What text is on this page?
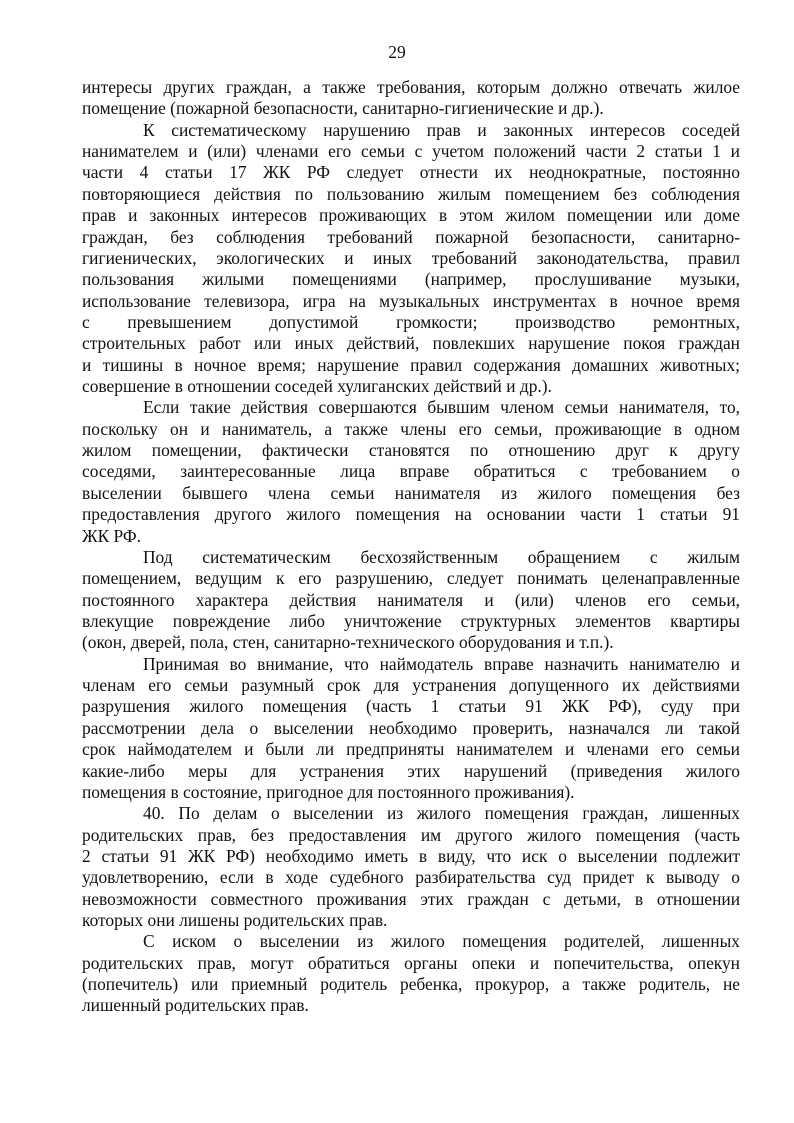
29
интересы других граждан, а также требования, которым должно отвечать жилое
помещение (пожарной безопасности, санитарно-гигиенические и др.).
К систематическому нарушению прав и законных интересов соседей
нанимателем и (или) членами его семьи с учетом положений части 2 статьи 1 и
части 4 статьи 17 ЖК РФ следует отнести их неоднократные, постоянно
повторяющиеся действия по пользованию жилым помещением без соблюдения
прав и законных интересов проживающих в этом жилом помещении или доме
граждан, без соблюдения требований пожарной безопасности, санитарно-
гигиенических, экологических и иных требований законодательства, правил
пользования жилыми помещениями (например, прослушивание музыки,
использование телевизора, игра на музыкальных инструментах в ночное время
с превышением допустимой громкости; производство ремонтных,
строительных работ или иных действий, повлекших нарушение покоя граждан
и тишины в ночное время; нарушение правил содержания домашних животных;
совершение в отношении соседей хулиганских действий и др.).
Если такие действия совершаются бывшим членом семьи нанимателя, то,
поскольку он и наниматель, а также члены его семьи, проживающие в одном
жилом помещении, фактически становятся по отношению друг к другу
соседями, заинтересованные лица вправе обратиться с требованием о
выселении бывшего члена семьи нанимателя из жилого помещения без
предоставления другого жилого помещения на основании части 1 статьи 91
ЖК РФ.
Под систематическим бесхозяйственным обращением с жилым
помещением, ведущим к его разрушению, следует понимать целенаправленные
постоянного характера действия нанимателя и (или) членов его семьи,
влекущие повреждение либо уничтожение структурных элементов квартиры
(окон, дверей, пола, стен, санитарно-технического оборудования и т.п.).
Принимая во внимание, что наймодатель вправе назначить нанимателю и
членам его семьи разумный срок для устранения допущенного их действиями
разрушения жилого помещения (часть 1 статьи 91 ЖК РФ), суду при
рассмотрении дела о выселении необходимо проверить, назначался ли такой
срок наймодателем и были ли предприняты нанимателем и членами его семьи
какие-либо меры для устранения этих нарушений (приведения жилого
помещения в состояние, пригодное для постоянного проживания).
40. По делам о выселении из жилого помещения граждан, лишенных
родительских прав, без предоставления им другого жилого помещения (часть
2 статьи 91 ЖК РФ) необходимо иметь в виду, что иск о выселении подлежит
удовлетворению, если в ходе судебного разбирательства суд придет к выводу о
невозможности совместного проживания этих граждан с детьми, в отношении
которых они лишены родительских прав.
С иском о выселении из жилого помещения родителей, лишенных
родительских прав, могут обратиться органы опеки и попечительства, опекун
(попечитель) или приемный родитель ребенка, прокурор, а также родитель, не
лишенный родительских прав.
